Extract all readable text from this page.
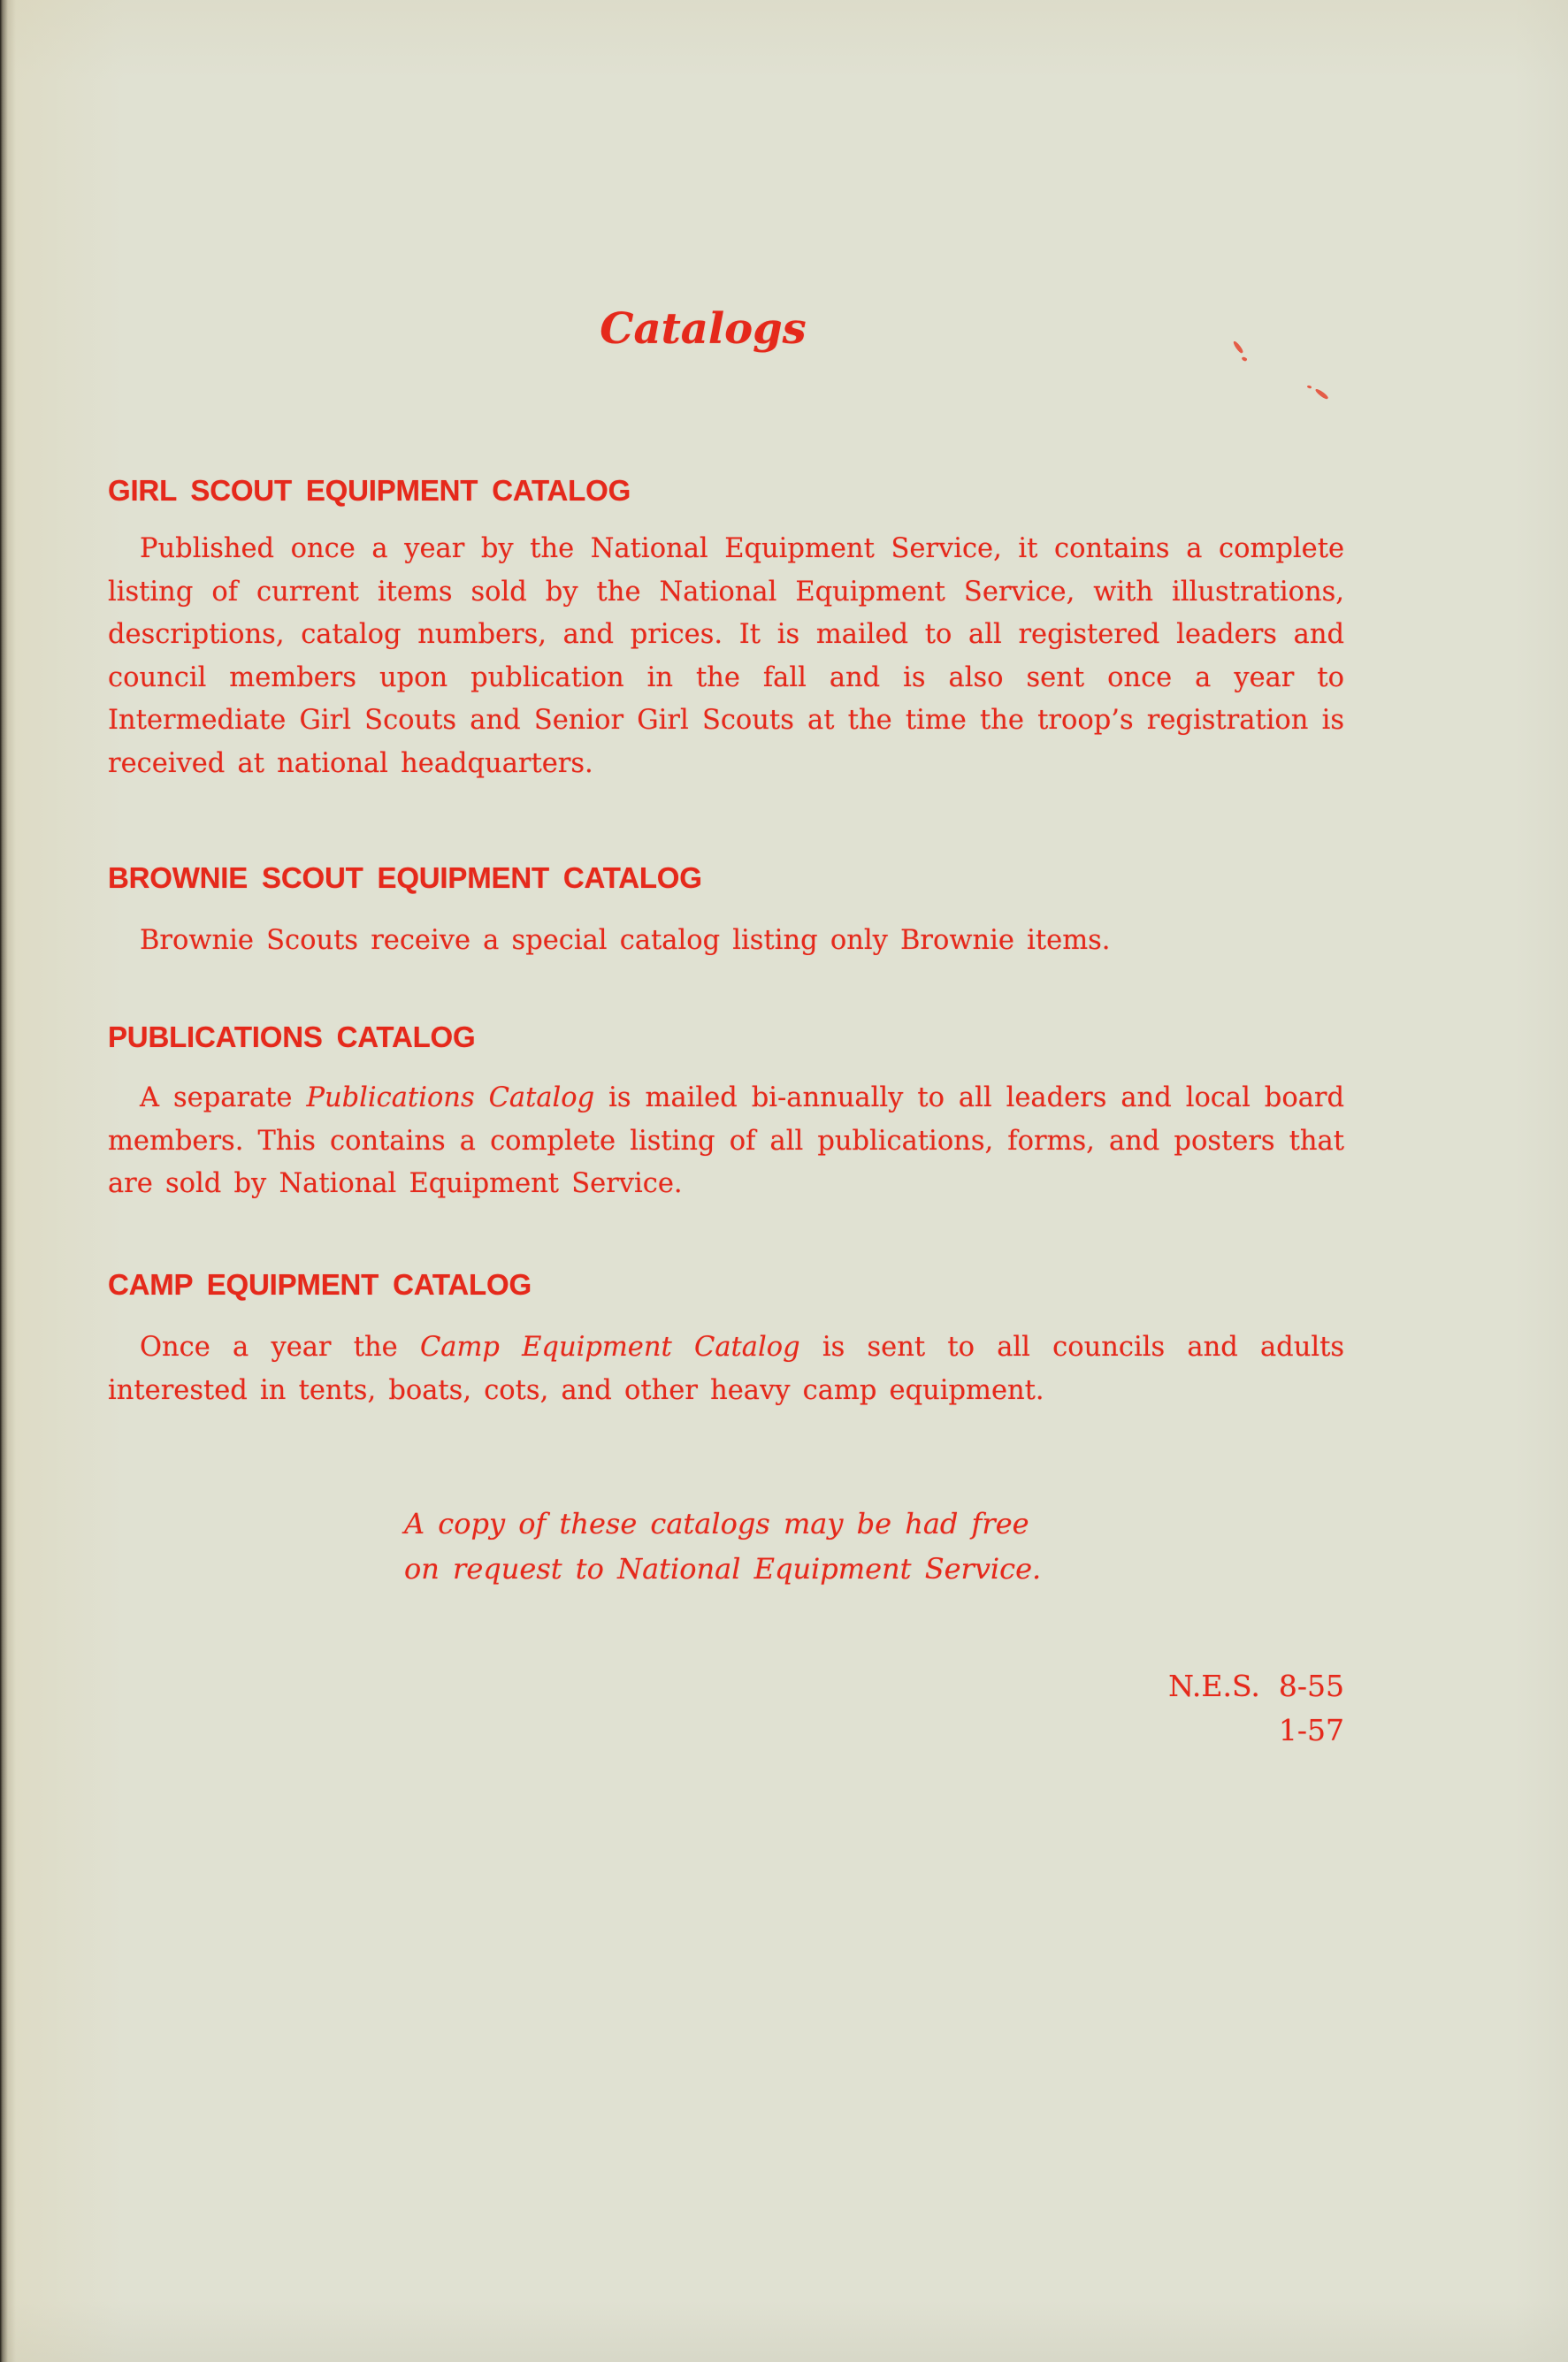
Catalogs
GIRL SCOUT EQUIPMENT CATALOG

Published once a year by the National Equipment Service, it contains a complete listing of current items sold by the National Equipment Service, with illustrations, descriptions, catalog numbers, and prices. It is mailed to all registered leaders and council members upon publication in the fall and is also sent once a year to Intermediate Girl Scouts and Senior Girl Scouts at the time the troop’s registration is received at national headquarters.

BROWNIE SCOUT EQUIPMENT CATALOG

Brownie Scouts receive a special catalog listing only Brownie items.

PUBLICATIONS CATALOG

A separate Publications Catalog is mailed bi-annually to all leaders and local board members. This contains a complete listing of all publications, forms, and posters that are sold by National Equipment Service.

CAMP EQUIPMENT CATALOG

Once a year the Camp Equipment Catalog is sent to all councils and adults interested in tents, boats, cots, and other heavy camp equipment.

A copy of these catalogs may be had free
on request to National Equipment Service.
N.E.S.  8-55
1-57
